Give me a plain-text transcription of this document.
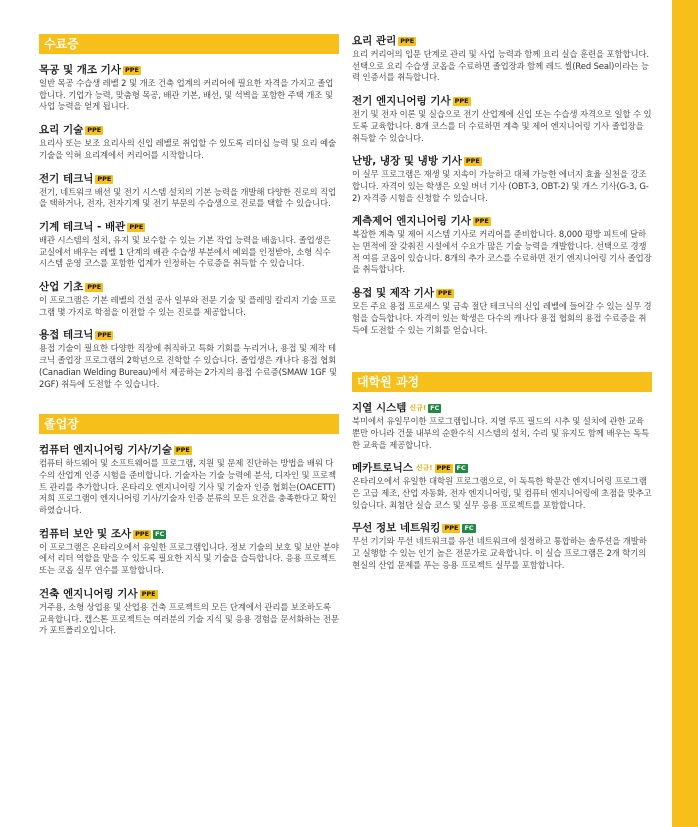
수료증
목공 및 개조 기사 PPE
일반 목공 수습생 레벨 2 및 개조 건축 업계의 커리어에 필요한 자격을 가지고 졸업합니다. 기업가 능력, 맞춤형 목공, 배관 기본, 배선, 및 석벽을 포함한 주택 개조 및 사업 능력을 얻게 됩니다.
요리 기술 PPE
요리사 또는 보조 요리사의 신입 레벨로 취업할 수 있도록 리더십 능력 및 요리 예술 기술을 익혀 요리계에서 커리어를 시작합니다.
전기 테크닉 PPE
전기, 네트워크 배선 및 전기 시스템 설치의 기본 능력을 개발해 다양한 진로의 직업을 택하거나, 전자, 전자기계 및 전기 부문의 수습생으로 진로를 택할 수 있습니다.
기계 테크닉 - 배관 PPE
배관 시스템의 설치, 유지 및 보수할 수 있는 기본 작업 능력을 배웁니다. 졸업생은 교실에서 배우는 레벨 1 단계의 배관 수습생 부분에서 예외를 인정받아, 소형 식수 시스템 운영 코스를 포함한 업계가 인정하는 수료증을 취득할 수 있습니다.
산업 기초 PPE
이 프로그램은 기본 레벨의 건설 공사 일부와 전문 기술 및 플레밍 칼리지 기술 프로그램 몇 가지로 학점을 이전할 수 있는 진로를 제공합니다.
용접 테크닉 PPE
용접 기술이 필요한 다양한 직장에 취직하고 특화 기회를 누리거나, 용접 및 제작 테크닉 졸업장 프로그램의 2학년으로 진학할 수 있습니다. 졸업생은 캐나다 용접 협회(Canadian Welding Bureau)에서 제공하는 2가지의 용접 수료증(SMAW 1GF 및 2GF) 취득에 도전할 수 있습니다.
졸업장
컴퓨터 엔지니어링 기사/기술 PPE
컴퓨터 하드웨어 및 소프트웨어를 프로그램, 지원 및 문제 진단하는 방법을 배워 다수의 산업계 인증 시험을 준비합니다. 기술자는 기술 능력에 분석, 디자인 및 프로젝트 관리를 추가합니다. 온타리오 엔지니어링 기사 및 기술자 인증 협회는(OACETT) 저희 프로그램이 엔지니어링 기사/기술자 인증 분류의 모든 요건을 충족한다고 확인하였습니다.
컴퓨터 보안 및 조사 PPE FC
이 프로그램은 온타리오에서 유일한 프로그램입니다. 정보 기술의 보호 및 보안 분야에서 리더 역할을 맡을 수 있도록 필요한 지식 및 기술을 습득합니다. 응용 프로젝트 또는 코옵 실무 연수를 포함합니다.
건축 엔지니어링 기사 PPE
거주용, 소형 상업용 및 산업용 건축 프로젝트의 모든 단계에서 관리를 보조하도록 교육합니다. 캡스톤 프로젝트는 여러분의 기술 지식 및 응용 경험을 문서화하는 전문가 포트폴리오입니다.
요리 관리 PPE
요리 커리어의 입문 단계로 관리 및 사업 능력과 함께 요리 실습 훈련을 포함합니다. 선택으로 요리 수습생 코옵을 수료하면 졸업장과 함께 레드 씰(Red Seal)이라는 능력 인증서를 취득합니다.
전기 엔지니어링 기사 PPE
전기 및 전자 이론 및 실습으로 전기 산업계에 신입 또는 수습생 자격으로 일할 수 있도록 교육합니다. 8개 코스를 더 수료하면 계측 및 제어 엔지니어링 기사 졸업장을 취득할 수 있습니다.
난방, 냉장 및 냉방 기사 PPE
이 실무 프로그램은 재생 및 지속이 가능하고 대체 가능한 에너지 효율 실천을 강조합니다. 자격이 있는 학생은 오일 버너 기사 (OBT-3, OBT-2) 및 개스 기사(G-3, G-2) 자격증 시험을 신청할 수 있습니다.
계측제어 엔지니어링 기사 PPE
복잡한 계측 및 제어 시스템 기사로 커리어를 준비합니다. 8,000 평방 피트에 달하는 면적에 잘 갖춰진 시설에서 수요가 많은 기술 능력을 개발합니다. 선택으로 경쟁적 여름 코옵이 있습니다. 8개의 추가 코스를 수료하면 전기 엔지니어링 기사 졸업장을 취득합니다.
용접 및 제작 기사 PPE
모든 주요 용접 프로세스 및 금속 절단 테크닉의 신입 레벨에 들어갈 수 있는 실무 경험을 습득합니다. 자격이 있는 학생은 다수의 캐나다 용접 협회의 용접 수료증을 취득에 도전할 수 있는 기회를 얻습니다.
대학원 과정
지열 시스템 신규! FC
북미에서 유일무이한 프로그램입니다. 지열 루프 필드의 시추 및 설치에 관한 교육 뿐만 아니라 건물 내부의 순환수식 시스템의 설치, 수리 및 유지도 함께 배우는 독특한 교육을 제공합니다.
메카트로닉스 신규! PPE FC
온타리오에서 유일한 대학원 프로그램으로, 이 독특한 학문간 엔지니어링 프로그램은 고급 제조, 산업 자동화, 전자 엔지니어링, 및 컴퓨터 엔지니어링에 초점을 맞추고 있습니다. 최첨단 실습 코스 및 실무 응용 프로젝트를 포함합니다.
무선 정보 네트워킹 PPE FC
무선 기기와 무선 네트워크를 유선 네트워크에 설정하고 통합하는 솔루션을 개발하고 실행할 수 있는 인기 높은 전문가로 교육합니다. 이 실습 프로그램은 2개 학기의 현실의 산업 문제를 푸는 응용 프로젝트 실무를 포함합니다.
